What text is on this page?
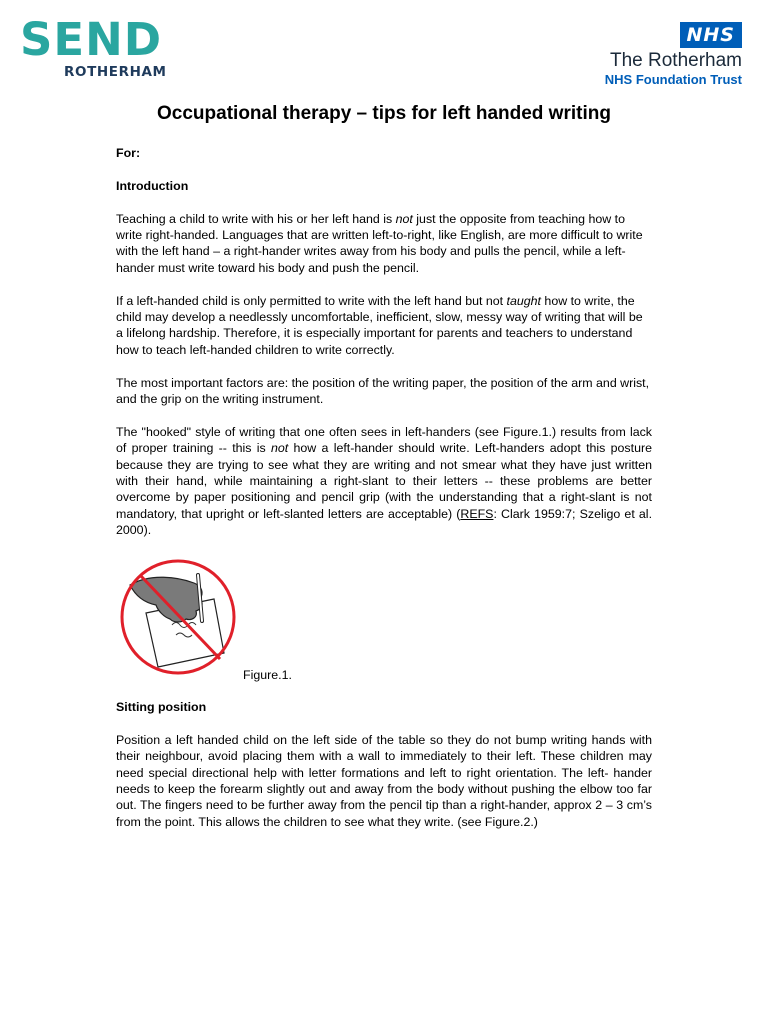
SEND
ROTHERHAM
NHS
The Rotherham
NHS Foundation Trust
Occupational therapy – tips for left handed writing

For:

Introduction

Teaching a child to write with his or her left hand is not just the opposite from teaching how to write right-handed. Languages that are written left-to-right, like English, are more difficult to write with the left hand – a right-hander writes away from his body and pulls the pencil, while a left-hander must write toward his body and push the pencil.

If a left-handed child is only permitted to write with the left hand but not taught how to write, the child may develop a needlessly uncomfortable, inefficient, slow, messy way of writing that will be a lifelong hardship. Therefore, it is especially important for parents and teachers to understand how to teach left-handed children to write correctly.

The most important factors are: the position of the writing paper, the position of the arm and wrist, and the grip on the writing instrument.

The "hooked" style of writing that one often sees in left-handers (see Figure.1.) results from lack of proper training -- this is not how a left-hander should write. Left-handers adopt this posture because they are trying to see what they are writing and not smear what they have just written with their hand, while maintaining a right-slant to their letters -- these problems are better overcome by paper positioning and pencil grip (with the understanding that a right-slant is not mandatory, that upright or left-slanted letters are acceptable) (REFS: Clark 1959:7; Szeligo et al. 2000).

Figure.1.

Sitting position

Position a left handed child on the left side of the table so they do not bump writing hands with their neighbour, avoid placing them with a wall to immediately to their left. These children may need special directional help with letter formations and left to right orientation. The left- hander needs to keep the forearm slightly out and away from the body without pushing the elbow too far out. The fingers need to be further away from the pencil tip than a right-hander, approx 2 – 3 cm’s from the point. This allows the children to see what they write. (see Figure.2.)
